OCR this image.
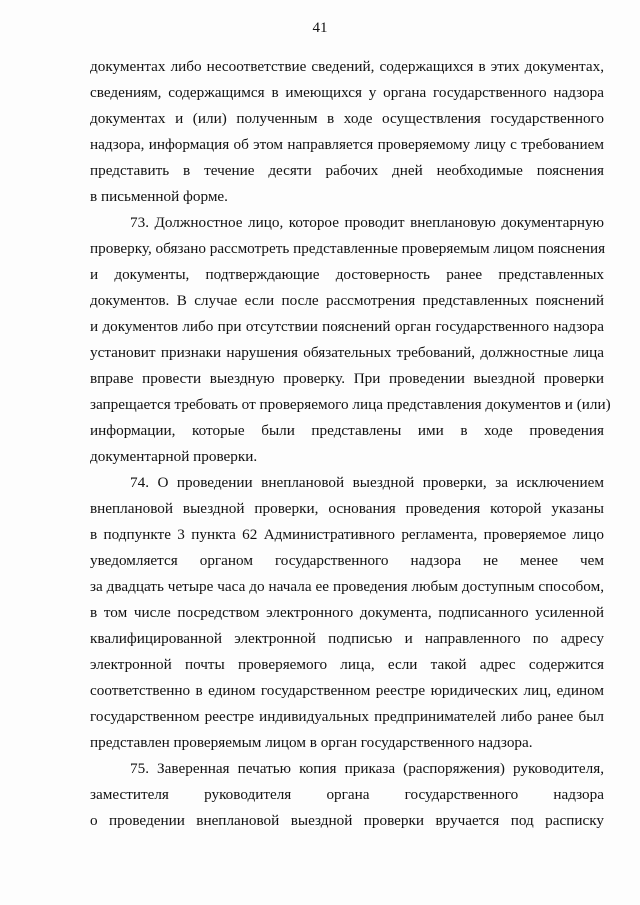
41
документах либо несоответствие сведений, содержащихся в этих документах,
сведениям, содержащимся в имеющихся у органа государственного надзора
документах и (или) полученным в ходе осуществления государственного
надзора, информация об этом направляется проверяемому лицу с требованием
представить в течение десяти рабочих дней необходимые пояснения
в письменной форме.
73. Должностное лицо, которое проводит внеплановую документарную
проверку, обязано рассмотреть представленные проверяемым лицом пояснения
и документы, подтверждающие достоверность ранее представленных
документов. В случае если после рассмотрения представленных пояснений
и документов либо при отсутствии пояснений орган государственного надзора
установит признаки нарушения обязательных требований, должностные лица
вправе провести выездную проверку. При проведении выездной проверки
запрещается требовать от проверяемого лица представления документов и (или)
информации, которые были представлены ими в ходе проведения
документарной проверки.
74. О проведении внеплановой выездной проверки, за исключением
внеплановой выездной проверки, основания проведения которой указаны
в подпункте 3 пункта 62 Административного регламента, проверяемое лицо
уведомляется органом государственного надзора не менее чем
за двадцать четыре часа до начала ее проведения любым доступным способом,
в том числе посредством электронного документа, подписанного усиленной
квалифицированной электронной подписью и направленного по адресу
электронной почты проверяемого лица, если такой адрес содержится
соответственно в едином государственном реестре юридических лиц, едином
государственном реестре индивидуальных предпринимателей либо ранее был
представлен проверяемым лицом в орган государственного надзора.
75. Заверенная печатью копия приказа (распоряжения) руководителя,
заместителя руководителя органа государственного надзора
о проведении внеплановой выездной проверки вручается под расписку
